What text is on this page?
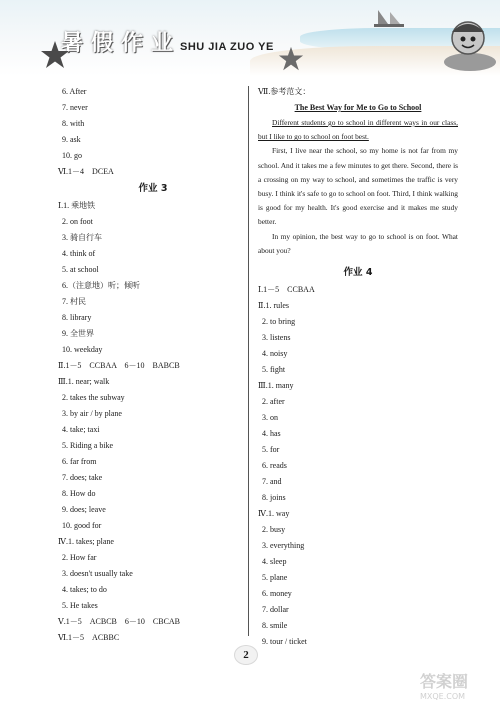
暑 假 作 业 SHU JIA ZUO YE
6. After
7. never
8. with
9. ask
10. go
Ⅵ.1－4　DCEA
作业 3
Ⅰ.1. 乘地铁
2. on foot
3. 骑自行车
4. think of
5. at school
6.（注意地）听；倾听
7. 村民
8. library
9. 全世界
10. weekday
Ⅱ.1－5　CCBAA　6－10　BABCB
Ⅲ.1. near; walk
2. takes the subway
3. by air / by plane
4. take; taxi
5. Riding a bike
6. far from
7. does; take
8. How do
9. does; leave
10. good for
Ⅳ.1. takes; plane
2. How far
3. doesn't usually take
4. takes; to do
5. He takes
Ⅴ.1－5　ACBCB　6－10　CBCAB
Ⅵ.1－5　ACBBC
Ⅶ.参考范文：
The Best Way for Me to Go to School

Different students go to school in different ways in our class, but I like to go to school on foot best.

First, I live near the school, so my home is not far from my school. And it takes me a few minutes to get there. Second, there is a crossing on my way to school, and sometimes the traffic is very busy. I think it's safe to go to school on foot. Third, I think walking is good for my health. It's good exercise and it makes me study better.

In my opinion, the best way to go to school is on foot. What about you?

作业 4
Ⅰ.1－5　CCBAA
Ⅱ.1. rules
2. to bring
3. listens
4. noisy
5. fight
Ⅲ.1. many
2. after
3. on
4. has
5. for
6. reads
7. and
8. joins
Ⅳ.1. way
2. busy
3. everything
4. sleep
5. plane
6. money
7. dollar
8. smile
9. tour / ticket
2
答案圈
MXQE.COM
